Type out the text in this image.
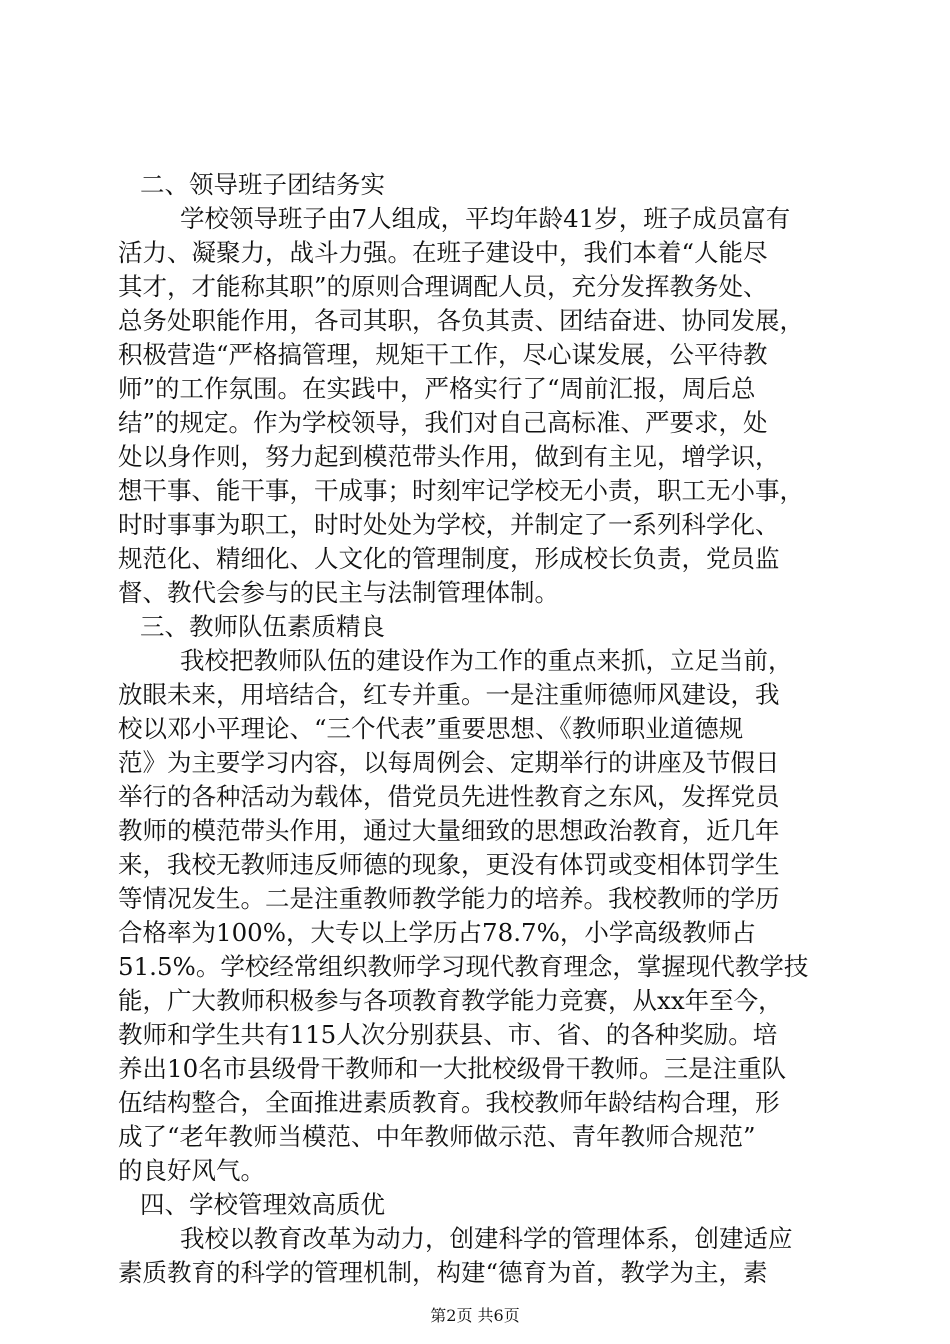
二、领导班子团结务实
学校领导班子由7人组成，平均年龄41岁，班子成员富有
活力、凝聚力，战斗力强。在班子建设中，我们本着“人能尽
其才，才能称其职”的原则合理调配人员，充分发挥教务处、
总务处职能作用，各司其职，各负其责、团结奋进、协同发展，
积极营造“严格搞管理，规矩干工作，尽心谋发展，公平待教
师”的工作氛围。在实践中，严格实行了“周前汇报，周后总
结”的规定。作为学校领导，我们对自己高标准、严要求，处
处以身作则，努力起到模范带头作用，做到有主见，增学识，
想干事、能干事，干成事；时刻牢记学校无小责，职工无小事，
时时事事为职工，时时处处为学校，并制定了一系列科学化、
规范化、精细化、人文化的管理制度，形成校长负责，党员监
督、教代会参与的民主与法制管理体制。
三、教师队伍素质精良
我校把教师队伍的建设作为工作的重点来抓，立足当前，
放眼未来，用培结合，红专并重。一是注重师德师风建设，我
校以邓小平理论、“三个代表”重要思想、《教师职业道德规
范》为主要学习内容，以每周例会、定期举行的讲座及节假日
举行的各种活动为载体，借党员先进性教育之东风，发挥党员
教师的模范带头作用，通过大量细致的思想政治教育，近几年
来，我校无教师违反师德的现象，更没有体罚或变相体罚学生
等情况发生。二是注重教师教学能力的培养。我校教师的学历
合格率为100%，大专以上学历占78.7%，小学高级教师占
51.5%。学校经常组织教师学习现代教育理念，掌握现代教学技
能，广大教师积极参与各项教育教学能力竞赛，从xx年至今，
教师和学生共有115人次分别获县、市、省、的各种奖励。培
养出10名市县级骨干教师和一大批校级骨干教师。三是注重队
伍结构整合，全面推进素质教育。我校教师年龄结构合理，形
成了“老年教师当模范、中年教师做示范、青年教师合规范”
的良好风气。
四、学校管理效高质优
我校以教育改革为动力，创建科学的管理体系，创建适应
素质教育的科学的管理机制，构建“德育为首，教学为主，素
第2页 共6页
